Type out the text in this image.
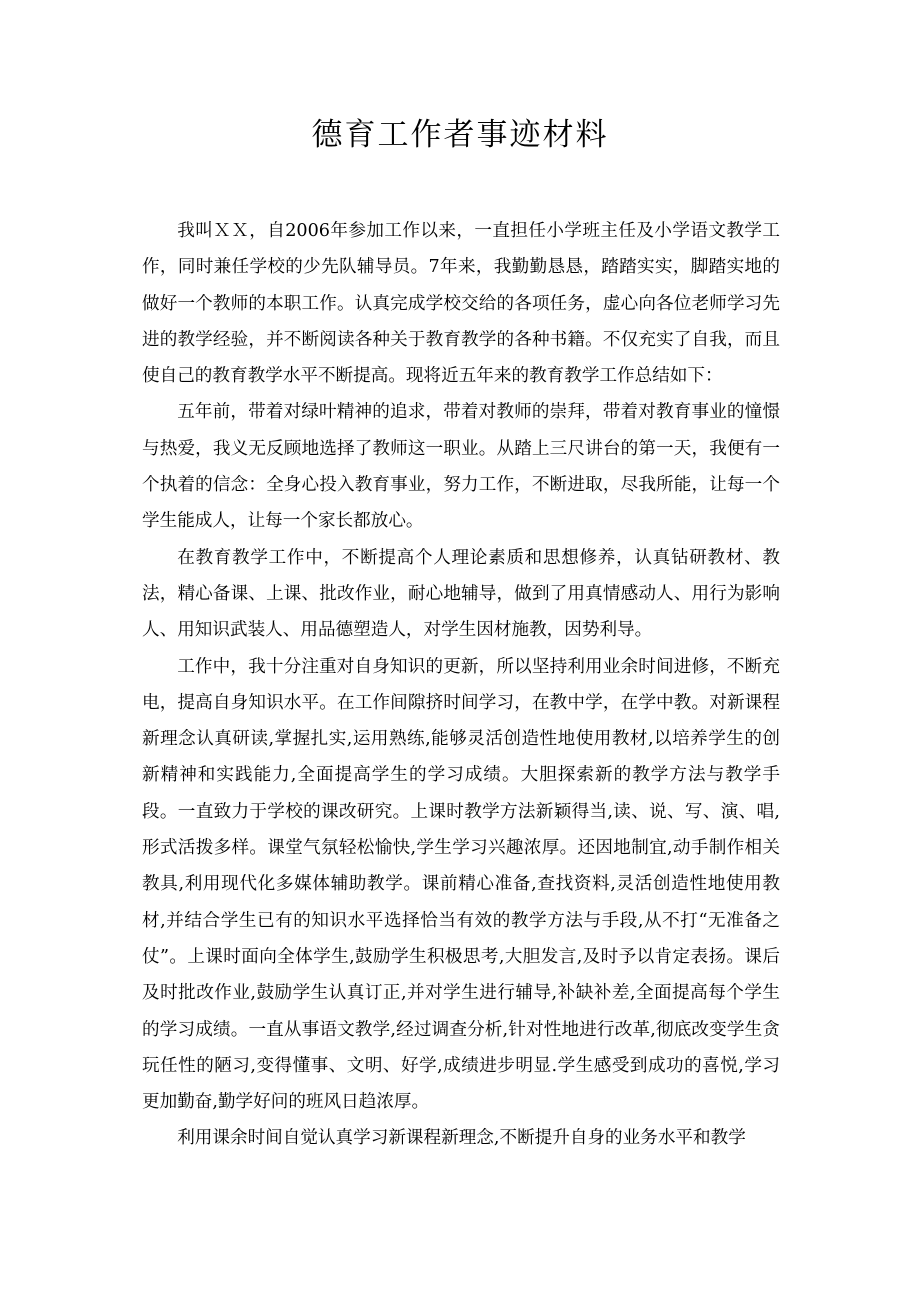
德育工作者事迹材料

我叫ＸＸ，自2006年参加工作以来，一直担任小学班主任及小学语文教学工作，同时兼任学校的少先队辅导员。7年来，我勤勤恳恳，踏踏实实，脚踏实地的做好一个教师的本职工作。认真完成学校交给的各项任务，虚心向各位老师学习先进的教学经验，并不断阅读各种关于教育教学的各种书籍。不仅充实了自我，而且使自己的教育教学水平不断提高。现将近五年来的教育教学工作总结如下：

五年前，带着对绿叶精神的追求，带着对教师的崇拜，带着对教育事业的憧憬与热爱，我义无反顾地选择了教师这一职业。从踏上三尺讲台的第一天，我便有一个执着的信念：全身心投入教育事业，努力工作，不断进取，尽我所能，让每一个学生能成人，让每一个家长都放心。

在教育教学工作中，不断提高个人理论素质和思想修养，认真钻研教材、教法，精心备课、上课、批改作业，耐心地辅导，做到了用真情感动人、用行为影响人、用知识武装人、用品德塑造人，对学生因材施教，因势利导。

工作中，我十分注重对自身知识的更新，所以坚持利用业余时间进修，不断充电，提高自身知识水平。在工作间隙挤时间学习，在教中学，在学中教。对新课程新理念认真研读,掌握扎实,运用熟练,能够灵活创造性地使用教材,以培养学生的创新精神和实践能力,全面提高学生的学习成绩。大胆探索新的教学方法与教学手段。一直致力于学校的课改研究。上课时教学方法新颖得当,读、说、写、演、唱,形式活拨多样。课堂气氛轻松愉快,学生学习兴趣浓厚。还因地制宜,动手制作相关教具,利用现代化多媒体辅助教学。课前精心准备,查找资料,灵活创造性地使用教材,并结合学生已有的知识水平选择恰当有效的教学方法与手段,从不打“无准备之仗”。上课时面向全体学生,鼓励学生积极思考,大胆发言,及时予以肯定表扬。课后及时批改作业,鼓励学生认真订正,并对学生进行辅导,补缺补差,全面提高每个学生的学习成绩。一直从事语文教学,经过调查分析,针对性地进行改革,彻底改变学生贪玩任性的陋习,变得懂事、文明、好学,成绩进步明显.学生感受到成功的喜悦,学习更加勤奋,勤学好问的班风日趋浓厚。

利用课余时间自觉认真学习新课程新理念,不断提升自身的业务水平和教学
